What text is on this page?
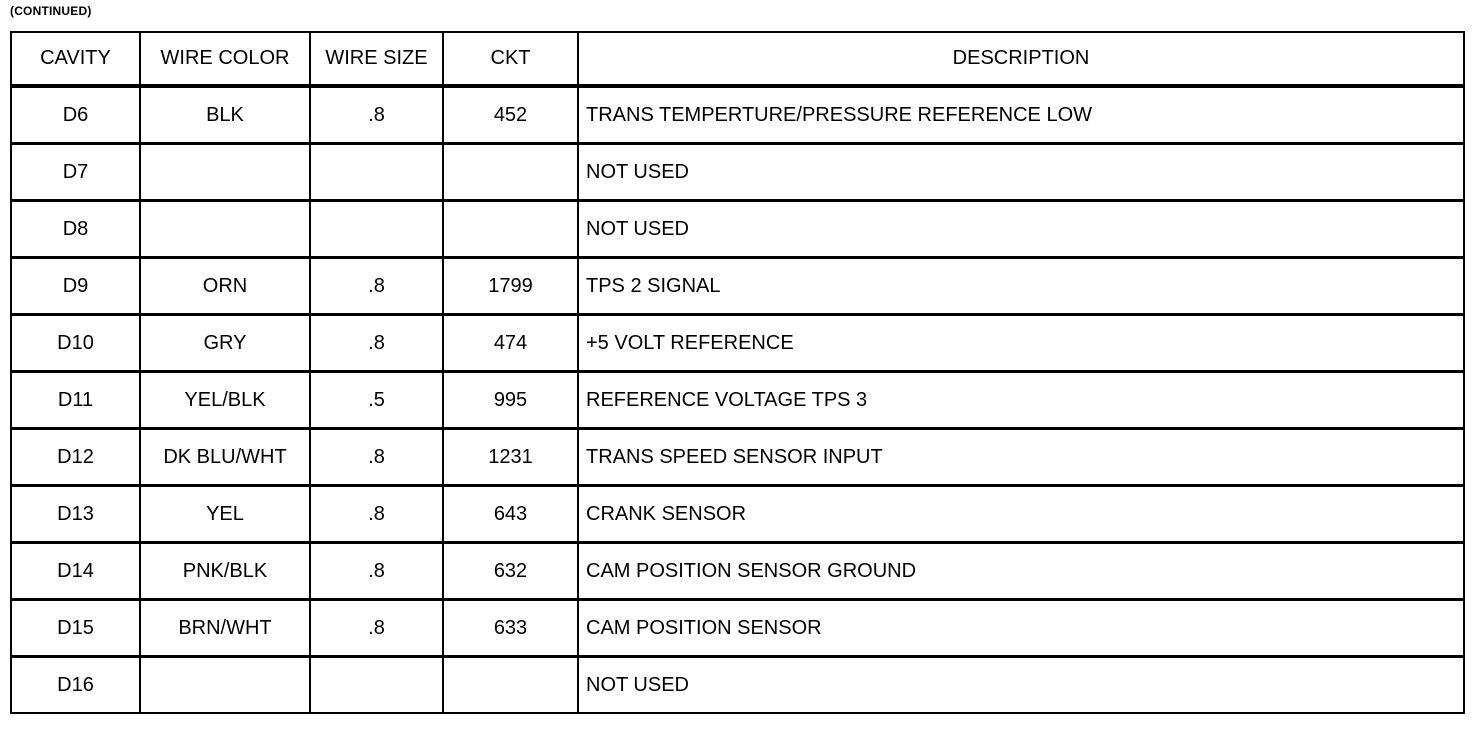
(CONTINUED)
CAVITY	WIRE COLOR	WIRE SIZE	CKT	DESCRIPTION
D6	BLK	.8	452	TRANS TEMPERTURE/PRESSURE REFERENCE LOW
D7				NOT USED
D8				NOT USED
D9	ORN	.8	1799	TPS 2 SIGNAL
D10	GRY	.8	474	+5 VOLT REFERENCE
D11	YEL/BLK	.5	995	REFERENCE VOLTAGE TPS 3
D12	DK BLU/WHT	.8	1231	TRANS SPEED SENSOR INPUT
D13	YEL	.8	643	CRANK SENSOR
D14	PNK/BLK	.8	632	CAM POSITION SENSOR GROUND
D15	BRN/WHT	.8	633	CAM POSITION SENSOR
D16				NOT USED
